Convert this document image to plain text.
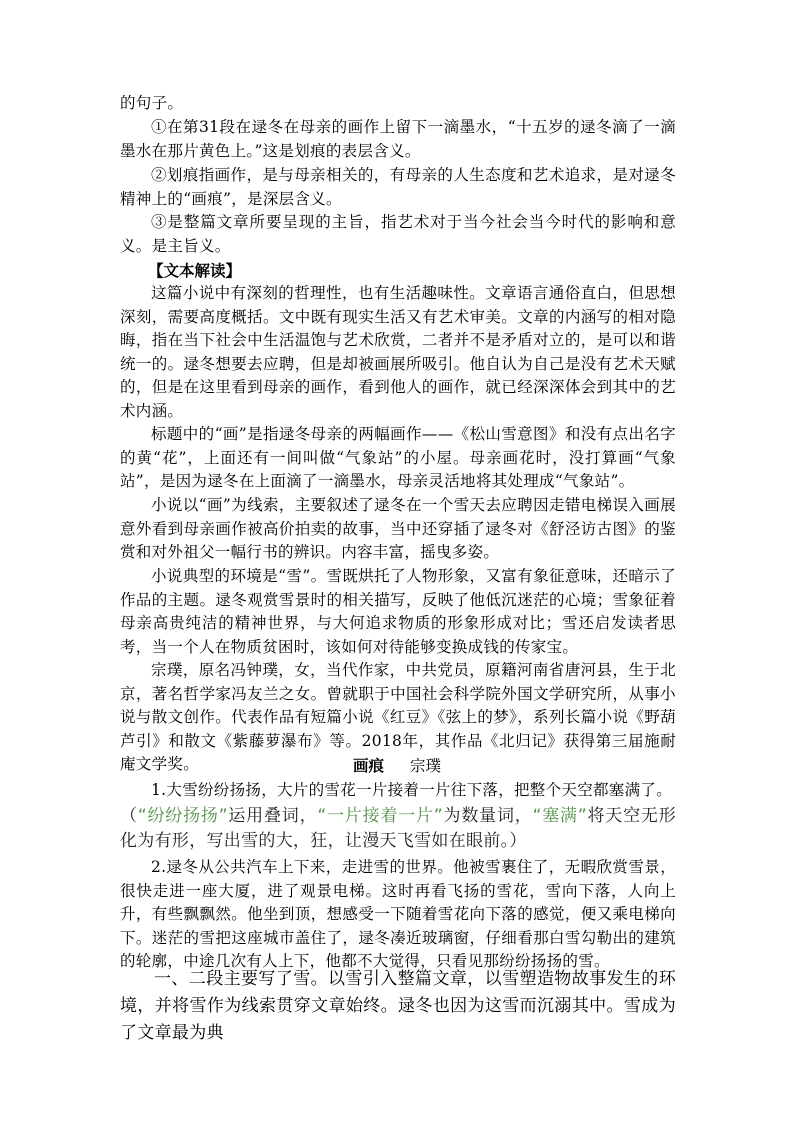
的句子。

①在第31段在逯冬在母亲的画作上留下一滴墨水，“十五岁的逯冬滴了一滴墨水在那片黄色上。”这是划痕的表层含义。

②划痕指画作，是与母亲相关的，有母亲的人生态度和艺术追求，是对逯冬精神上的“画痕”，是深层含义。

③是整篇文章所要呈现的主旨，指艺术对于当今社会当今时代的影响和意义。是主旨义。

【文本解读】

这篇小说中有深刻的哲理性，也有生活趣味性。文章语言通俗直白，但思想深刻，需要高度概括。文中既有现实生活又有艺术审美。文章的内涵写的相对隐晦，指在当下社会中生活温饱与艺术欣赏，二者并不是矛盾对立的，是可以和谐统一的。逯冬想要去应聘，但是却被画展所吸引。他自认为自己是没有艺术天赋的，但是在这里看到母亲的画作，看到他人的画作，就已经深深体会到其中的艺术内涵。

标题中的“画”是指逯冬母亲的两幅画作——《松山雪意图》和没有点出名字的黄“花”，上面还有一间叫做“气象站”的小屋。母亲画花时，没打算画“气象站”，是因为逯冬在上面滴了一滴墨水，母亲灵活地将其处理成“气象站”。

小说以“画”为线索，主要叙述了逯冬在一个雪天去应聘因走错电梯误入画展意外看到母亲画作被高价拍卖的故事，当中还穿插了逯冬对《舒泾访古图》的鉴赏和对外祖父一幅行书的辨识。内容丰富，摇曳多姿。

小说典型的环境是“雪”。雪既烘托了人物形象，又富有象征意味，还暗示了作品的主题。逯冬观赏雪景时的相关描写，反映了他低沉迷茫的心境；雪象征着母亲高贵纯洁的精神世界，与大何追求物质的形象形成对比；雪还启发读者思考，当一个人在物质贫困时，该如何对待能够变换成钱的传家宝。

宗璞，原名冯钟璞，女，当代作家，中共党员，原籍河南省唐河县，生于北京，著名哲学家冯友兰之女。曾就职于中国社会科学院外国文学研究所，从事小说与散文创作。代表作品有短篇小说《红豆》《弦上的梦》，系列长篇小说《野葫芦引》和散文《紫藤萝瀑布》等。2018年，其作品《北归记》获得第三届施耐庵文学奖。	画痕 宗璞

1.大雪纷纷扬扬，大片的雪花一片接着一片往下落，把整个天空都塞满了。

（“纷纷扬扬”运用叠词，“一片接着一片”为数量词，“塞满”将天空无形化为有形，写出雪的大，狂，让漫天飞雪如在眼前。）

2.逯冬从公共汽车上下来，走进雪的世界。他被雪裹住了，无暇欣赏雪景，很快走进一座大厦，进了观景电梯。这时再看飞扬的雪花，雪向下落，人向上升，有些飘飘然。他坐到顶，想感受一下随着雪花向下落的感觉，便又乘电梯向下。迷茫的雪把这座城市盖住了，逯冬凑近玻璃窗，仔细看那白雪勾勒出的建筑的轮廓，中途几次有人上下，他都不大觉得，只看见那纷纷扬扬的雪。

一、二段主要写了雪。以雪引入整篇文章，以雪塑造物故事发生的环境，并将雪作为线索贯穿文章始终。逯冬也因为这雪而沉溺其中。雪成为了文章最为典
